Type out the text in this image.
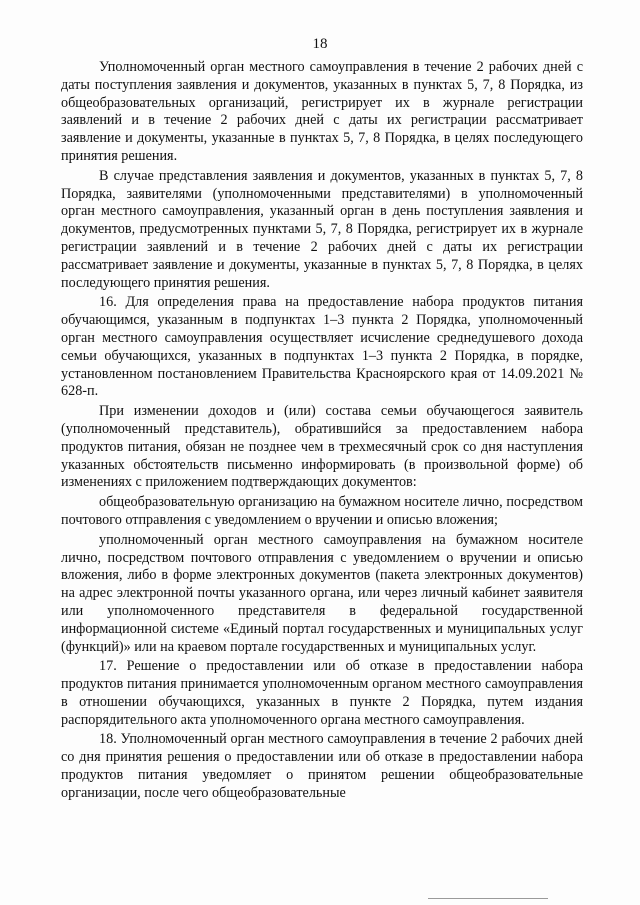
18

Уполномоченный орган местного самоуправления в течение 2 рабочих дней с даты поступления заявления и документов, указанных в пунктах 5, 7, 8 Порядка, из общеобразовательных организаций, регистрирует их в журнале регистрации заявлений и в течение 2 рабочих дней с даты их регистрации рассматривает заявление и документы, указанные в пунктах 5, 7, 8 Порядка, в целях последующего принятия решения.

В случае представления заявления и документов, указанных в пунктах 5, 7, 8 Порядка, заявителями (уполномоченными представителями) в уполномоченный орган местного самоуправления, указанный орган в день поступления заявления и документов, предусмотренных пунктами 5, 7, 8 Порядка, регистрирует их в журнале регистрации заявлений и в течение 2 рабочих дней с даты их регистрации рассматривает заявление и документы, указанные в пунктах 5, 7, 8 Порядка, в целях последующего принятия решения.

16. Для определения права на предоставление набора продуктов питания обучающимся, указанным в подпунктах 1–3 пункта 2 Порядка, уполномоченный орган местного самоуправления осуществляет исчисление среднедушевого дохода семьи обучающихся, указанных в подпунктах 1–3 пункта 2 Порядка, в порядке, установленном постановлением Правительства Красноярского края от 14.09.2021 № 628-п.

При изменении доходов и (или) состава семьи обучающегося заявитель (уполномоченный представитель), обратившийся за предоставлением набора продуктов питания, обязан не позднее чем в трехмесячный срок со дня наступления указанных обстоятельств письменно информировать (в произвольной форме) об изменениях с приложением подтверждающих документов:

общеобразовательную организацию на бумажном носителе лично, посредством почтового отправления с уведомлением о вручении и описью вложения;

уполномоченный орган местного самоуправления на бумажном носителе лично, посредством почтового отправления с уведомлением о вручении и описью вложения, либо в форме электронных документов (пакета электронных документов) на адрес электронной почты указанного органа, или через личный кабинет заявителя или уполномоченного представителя в федеральной государственной информационной системе «Единый портал государственных и муниципальных услуг (функций)» или на краевом портале государственных и муниципальных услуг.

17. Решение о предоставлении или об отказе в предоставлении набора продуктов питания принимается уполномоченным органом местного самоуправления в отношении обучающихся, указанных в пункте 2 Порядка, путем издания распорядительного акта уполномоченного органа местного самоуправления.

18. Уполномоченный орган местного самоуправления в течение 2 рабочих дней со дня принятия решения о предоставлении или об отказе в предоставлении набора продуктов питания уведомляет о принятом решении общеобразовательные организации, после чего общеобразовательные
